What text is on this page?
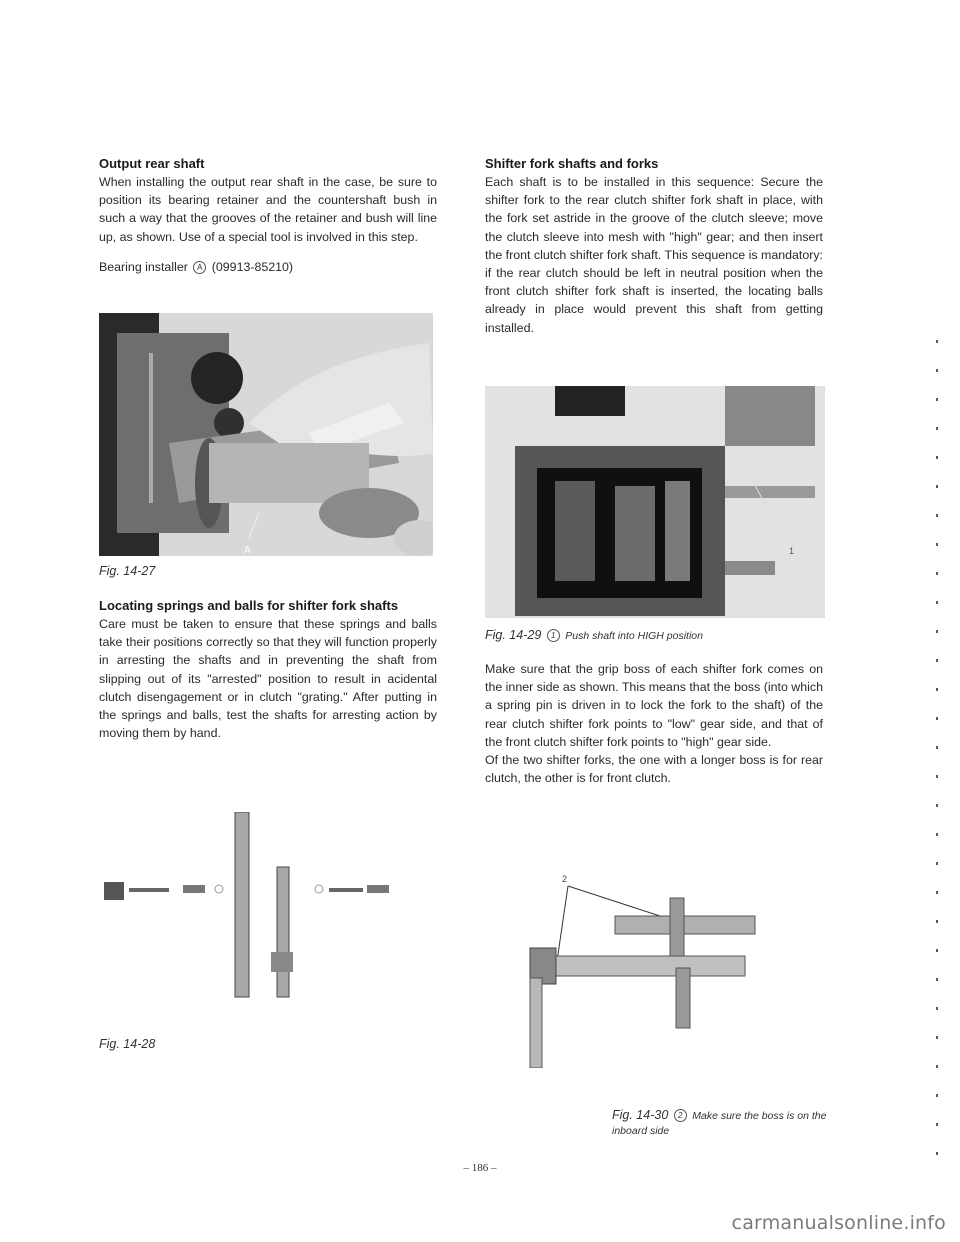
Output rear shaft

When installing the output rear shaft in the case, be sure to position its bearing retainer and the countershaft bush in such a way that the grooves of the retainer and bush will line up, as shown. Use of a special tool is involved in this step.

Bearing installer A (09913-85210)

A
Fig. 14-27

Locating springs and balls for shifter fork shafts

Care must be taken to ensure that these springs and balls take their positions correctly so that they will function properly in arresting the shafts and in preventing the shaft from slipping out of its "arrested" position to result in acidental clutch disengagement or in clutch "grating." After putting in the springs and balls, test the shafts for arresting action by moving them by hand.

Fig. 14-28

Shifter fork shafts and forks

Each shaft is to be installed in this sequence: Secure the shifter fork to the rear clutch shifter fork shaft in place, with the fork set astride in the groove of the clutch sleeve; move the clutch sleeve into mesh with "high" gear; and then insert the front clutch shifter fork shaft. This sequence is mandatory: if the rear clutch should be left in neutral position when the front clutch shifter fork shaft is inserted, the locating balls already in place would prevent this shaft from getting installed.

1
Fig. 14-29 1 Push shaft into HIGH position

Make sure that the grip boss of each shifter fork comes on the inner side as shown. This means that the boss (into which a spring pin is driven in to lock the fork to the shaft) of the rear clutch shifter fork points to "low" gear side, and that of the front clutch shifter fork points to "high" gear side.

Of the two shifter forks, the one with a longer boss is for rear clutch, the other is for front clutch.

2
Fig. 14-30 2 Make sure the boss is on the inboard side
– 186 –
carmanualsonline.info
